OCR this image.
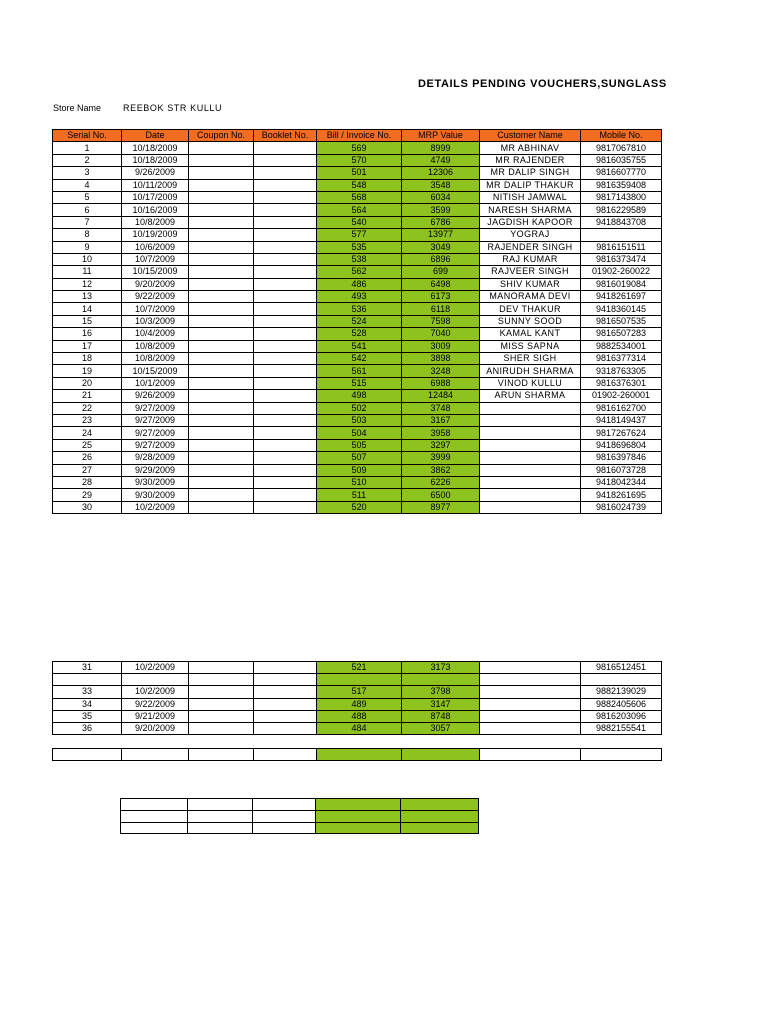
DETAILS PENDING VOUCHERS,SUNGLASS
Store Name REEBOK STR KULLU
Serial No.	Date	Coupon No.	Booklet No.	Bill / Invoice No.	MRP Value	Customer Name	Mobile No.
1	10/18/2009			569	8999	MR ABHINAV	9817067810
2	10/18/2009			570	4749	MR RAJENDER	9816035755
3	9/26/2009			501	12306	MR DALIP SINGH	9816607770
4	10/11/2009			548	3548	MR DALIP THAKUR	9816359408
5	10/17/2009			568	6034	NITISH JAMWAL	9817143800
6	10/16/2009			564	3599	NARESH SHARMA	9816229589
7	10/8/2009			540	6786	JAGDISH KAPOOR	9418843708
8	10/19/2009			577	13977	YOGRAJ	
9	10/6/2009			535	3049	RAJENDER SINGH	9816151511
10	10/7/2009			538	6896	RAJ KUMAR	9816373474
11	10/15/2009			562	699	RAJVEER SINGH	01902-260022
12	9/20/2009			486	6498	SHIV KUMAR	9816019084
13	9/22/2009			493	6173	MANORAMA DEVI	9418261697
14	10/7/2009			536	6118	DEV THAKUR	9418360145
15	10/3/2009			524	7598	SUNNY SOOD	9816507535
16	10/4/2009			528	7040	KAMAL KANT	9816507283
17	10/8/2009			541	3009	MISS SAPNA	9882534001
18	10/8/2009			542	3898	SHER SIGH	9816377314
19	10/15/2009			561	3248	ANIRUDH SHARMA	9318763305
20	10/1/2009			515	6988	VINOD KULLU	9816376301
21	9/26/2009			498	12484	ARUN SHARMA	01902-260001
22	9/27/2009			502	3748		9816162700
23	9/27/2009			503	3167		9418149437
24	9/27/2009			504	3958		9817267624
25	9/27/2009			505	3297		9418696804
26	9/28/2009			507	3999		9816397846
27	9/29/2009			509	3862		9816073728
28	9/30/2009			510	6226		9418042344
29	9/30/2009			511	6500		9418261695
30	10/2/2009			520	8977		9816024739
31	10/2/2009			521	3173		9816512451

33	10/2/2009			517	3798		9882139029
34	9/22/2009			489	3147		9882405606
35	9/21/2009			488	8748		9816203096
36	9/20/2009			484	3057		9882155541
